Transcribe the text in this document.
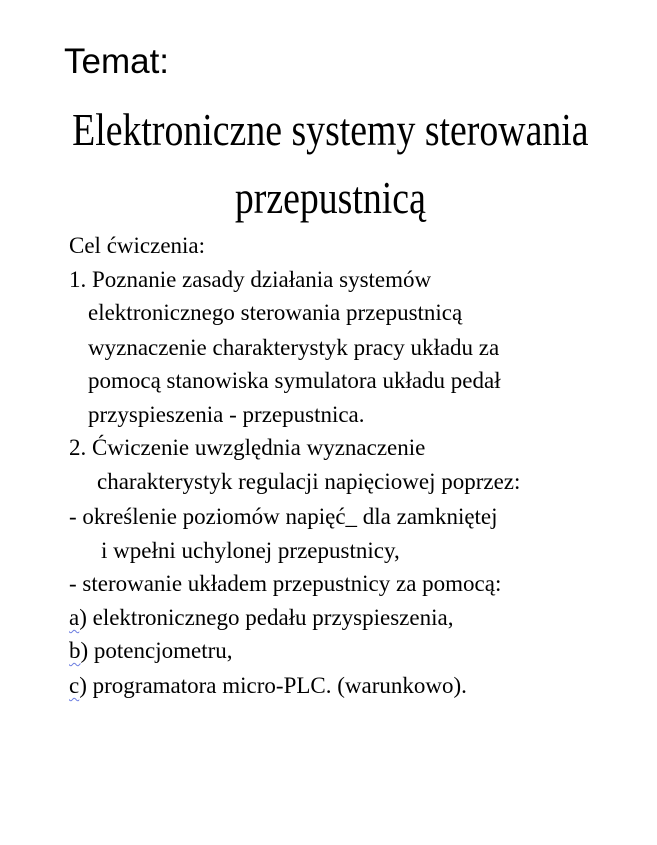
Temat:
Elektroniczne systemy sterowania
przepustnicą
Cel ćwiczenia:
1. Poznanie zasady działania systemów
elektronicznego sterowania przepustnicą
wyznaczenie charakterystyk pracy układu za
pomocą stanowiska symulatora układu pedał
przyspieszenia - przepustnica.
2. Ćwiczenie uwzględnia wyznaczenie
charakterystyk regulacji napięciowej poprzez:
- określenie poziomów napięć_ dla zamkniętej
i wpełni uchylonej przepustnicy,
- sterowanie układem przepustnicy za pomocą:
a) elektronicznego pedału przyspieszenia,
b) potencjometru,
c) programatora micro-PLC. (warunkowo).
